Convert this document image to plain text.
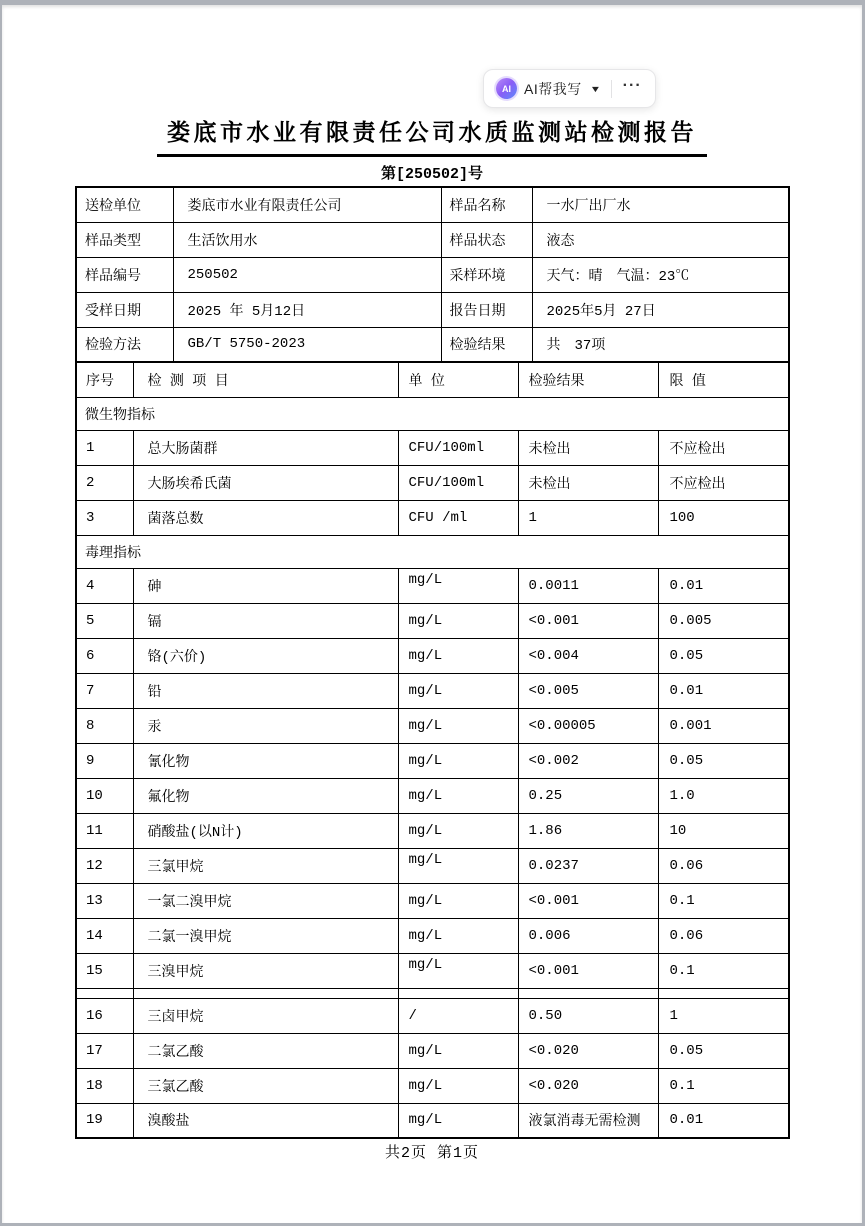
AI AI帮我写 ▼ ···
娄底市水业有限责任公司水质监测站检测报告
第[250502]号
送检单位	娄底市水业有限责任公司	样品名称	一水厂出厂水
样品类型	生活饮用水	样品状态	液态
样品编号	250502	采样环境	天气：晴　气温：23℃
受样日期	2025 年 5月12日	报告日期	2025年5月 27日
检验方法	GB/T 5750-2023	检验结果	共　37项
序号	检 测 项 目	单 位	检验结果	限 值
微生物指标				
1	总大肠菌群	CFU/100ml	未检出	不应检出
2	大肠埃希氏菌	CFU/100ml	未检出	不应检出
3	菌落总数	CFU /ml	1	100
毒理指标				
4	砷	mg/L	0.0011	0.01
5	镉	mg/L	<0.001	0.005
6	铬(六价)	mg/L	<0.004	0.05
7	铅	mg/L	<0.005	0.01
8	汞	mg/L	<0.00005	0.001
9	氰化物	mg/L	<0.002	0.05
10	氟化物	mg/L	0.25	1.0
11	硝酸盐(以N计)	mg/L	1.86	10
12	三氯甲烷	mg/L	0.0237	0.06
13	一氯二溴甲烷	mg/L	<0.001	0.1
14	二氯一溴甲烷	mg/L	0.006	0.06
15	三溴甲烷	mg/L	<0.001	0.1

16	三卤甲烷	/	0.50	1
17	二氯乙酸	mg/L	<0.020	0.05
18	三氯乙酸	mg/L	<0.020	0.1
19	溴酸盐	mg/L	液氯消毒无需检测	0.01
共2页 第1页
